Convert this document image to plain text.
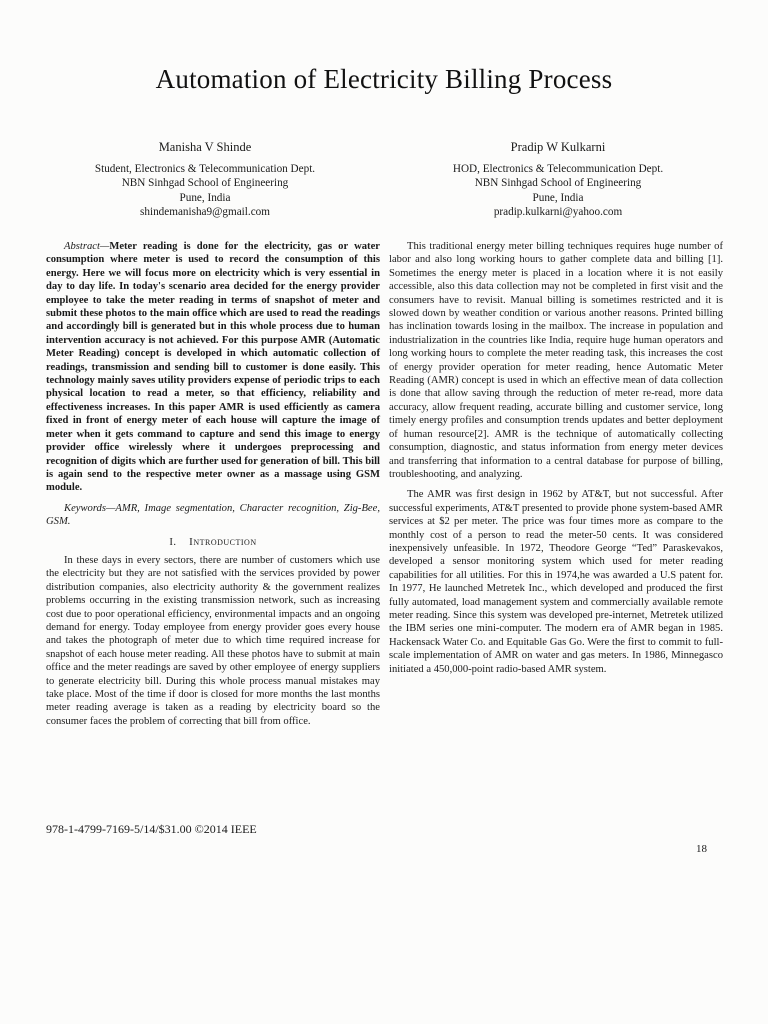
Automation of Electricity Billing Process
Manisha V Shinde
Student, Electronics & Telecommunication Dept.
NBN Sinhgad School of Engineering
Pune, India
shindemanisha9@gmail.com
Pradip W Kulkarni
HOD, Electronics & Telecommunication Dept.
NBN Sinhgad School of Engineering
Pune, India
pradip.kulkarni@yahoo.com

Abstract—Meter reading is done for the electricity, gas or water consumption where meter is used to record the consumption of this energy. Here we will focus more on electricity which is very essential in day to day life. In today's scenario area decided for the energy provider employee to take the meter reading in terms of snapshot of meter and submit these photos to the main office which are used to read the readings and accordingly bill is generated but in this whole process due to human intervention accuracy is not achieved. For this purpose AMR (Automatic Meter Reading) concept is developed in which automatic collection of readings, transmission and sending bill to customer is done easily. This technology mainly saves utility providers expense of periodic trips to each physical location to read a meter, so that efficiency, reliability and effectiveness increases. In this paper AMR is used efficiently as camera fixed in front of energy meter of each house will capture the image of meter when it gets command to capture and send this image to energy provider office wirelessly where it undergoes preprocessing and recognition of digits which are further used for generation of bill. This bill is again send to the respective meter owner as a massage using GSM module.

Keywords—AMR, Image segmentation, Character recognition, Zig-Bee, GSM.

I. Introduction

In these days in every sectors, there are number of customers which use the electricity but they are not satisfied with the services provided by power distribution companies, also electricity authority & the government realizes problems occurring in the existing transmission network, such as increasing cost due to poor operational efficiency, environmental impacts and an ongoing demand for energy. Today employee from energy provider goes every house and takes the photograph of meter due to which time required increase for snapshot of each house meter reading. All these photos have to submit at main office and the meter readings are saved by other employee of energy suppliers to generate electricity bill. During this whole process manual mistakes may take place. Most of the time if door is closed for more months the last months meter reading average is taken as a reading by electricity board so the consumer faces the problem of correcting that bill from office.

This traditional energy meter billing techniques requires huge number of labor and also long working hours to gather complete data and billing [1]. Sometimes the energy meter is placed in a location where it is not easily accessible, also this data collection may not be completed in first visit and the consumers have to revisit. Manual billing is sometimes restricted and it is slowed down by weather condition or various another reasons. Printed billing has inclination towards losing in the mailbox. The increase in population and industrialization in the countries like India, require huge human operators and long working hours to complete the meter reading task, this increases the cost of energy provider operation for meter reading, hence Automatic Meter Reading (AMR) concept is used in which an effective mean of data collection is done that allow saving through the reduction of meter re-read, more data accuracy, allow frequent reading, accurate billing and customer service, long timely energy profiles and consumption trends updates and better deployment of human resource[2]. AMR is the technique of automatically collecting consumption, diagnostic, and status information from energy meter devices and transferring that information to a central database for purpose of billing, troubleshooting, and analyzing.

The AMR was first design in 1962 by AT&T, but not successful. After successful experiments, AT&T presented to provide phone system-based AMR services at $2 per meter. The price was four times more as compare to the monthly cost of a person to read the meter-50 cents. It was considered inexpensively unfeasible. In 1972, Theodore George “Ted” Paraskevakos, developed a sensor monitoring system which used for meter reading capabilities for all utilities. For this in 1974,he was awarded a U.S patent for. In 1977, He launched Metretek Inc., which developed and produced the first fully automated, load management system and commercially available remote meter reading. Since this system was developed pre-internet, Metretek utilized the IBM series one mini-computer. The modern era of AMR began in 1985. Hackensack Water Co. and Equitable Gas Go. Were the first to commit to full-scale implementation of AMR on water and gas meters. In 1986, Minnegasco initiated a 450,000-point radio-based AMR system.

978-1-4799-7169-5/14/$31.00 ©2014 IEEE
18
